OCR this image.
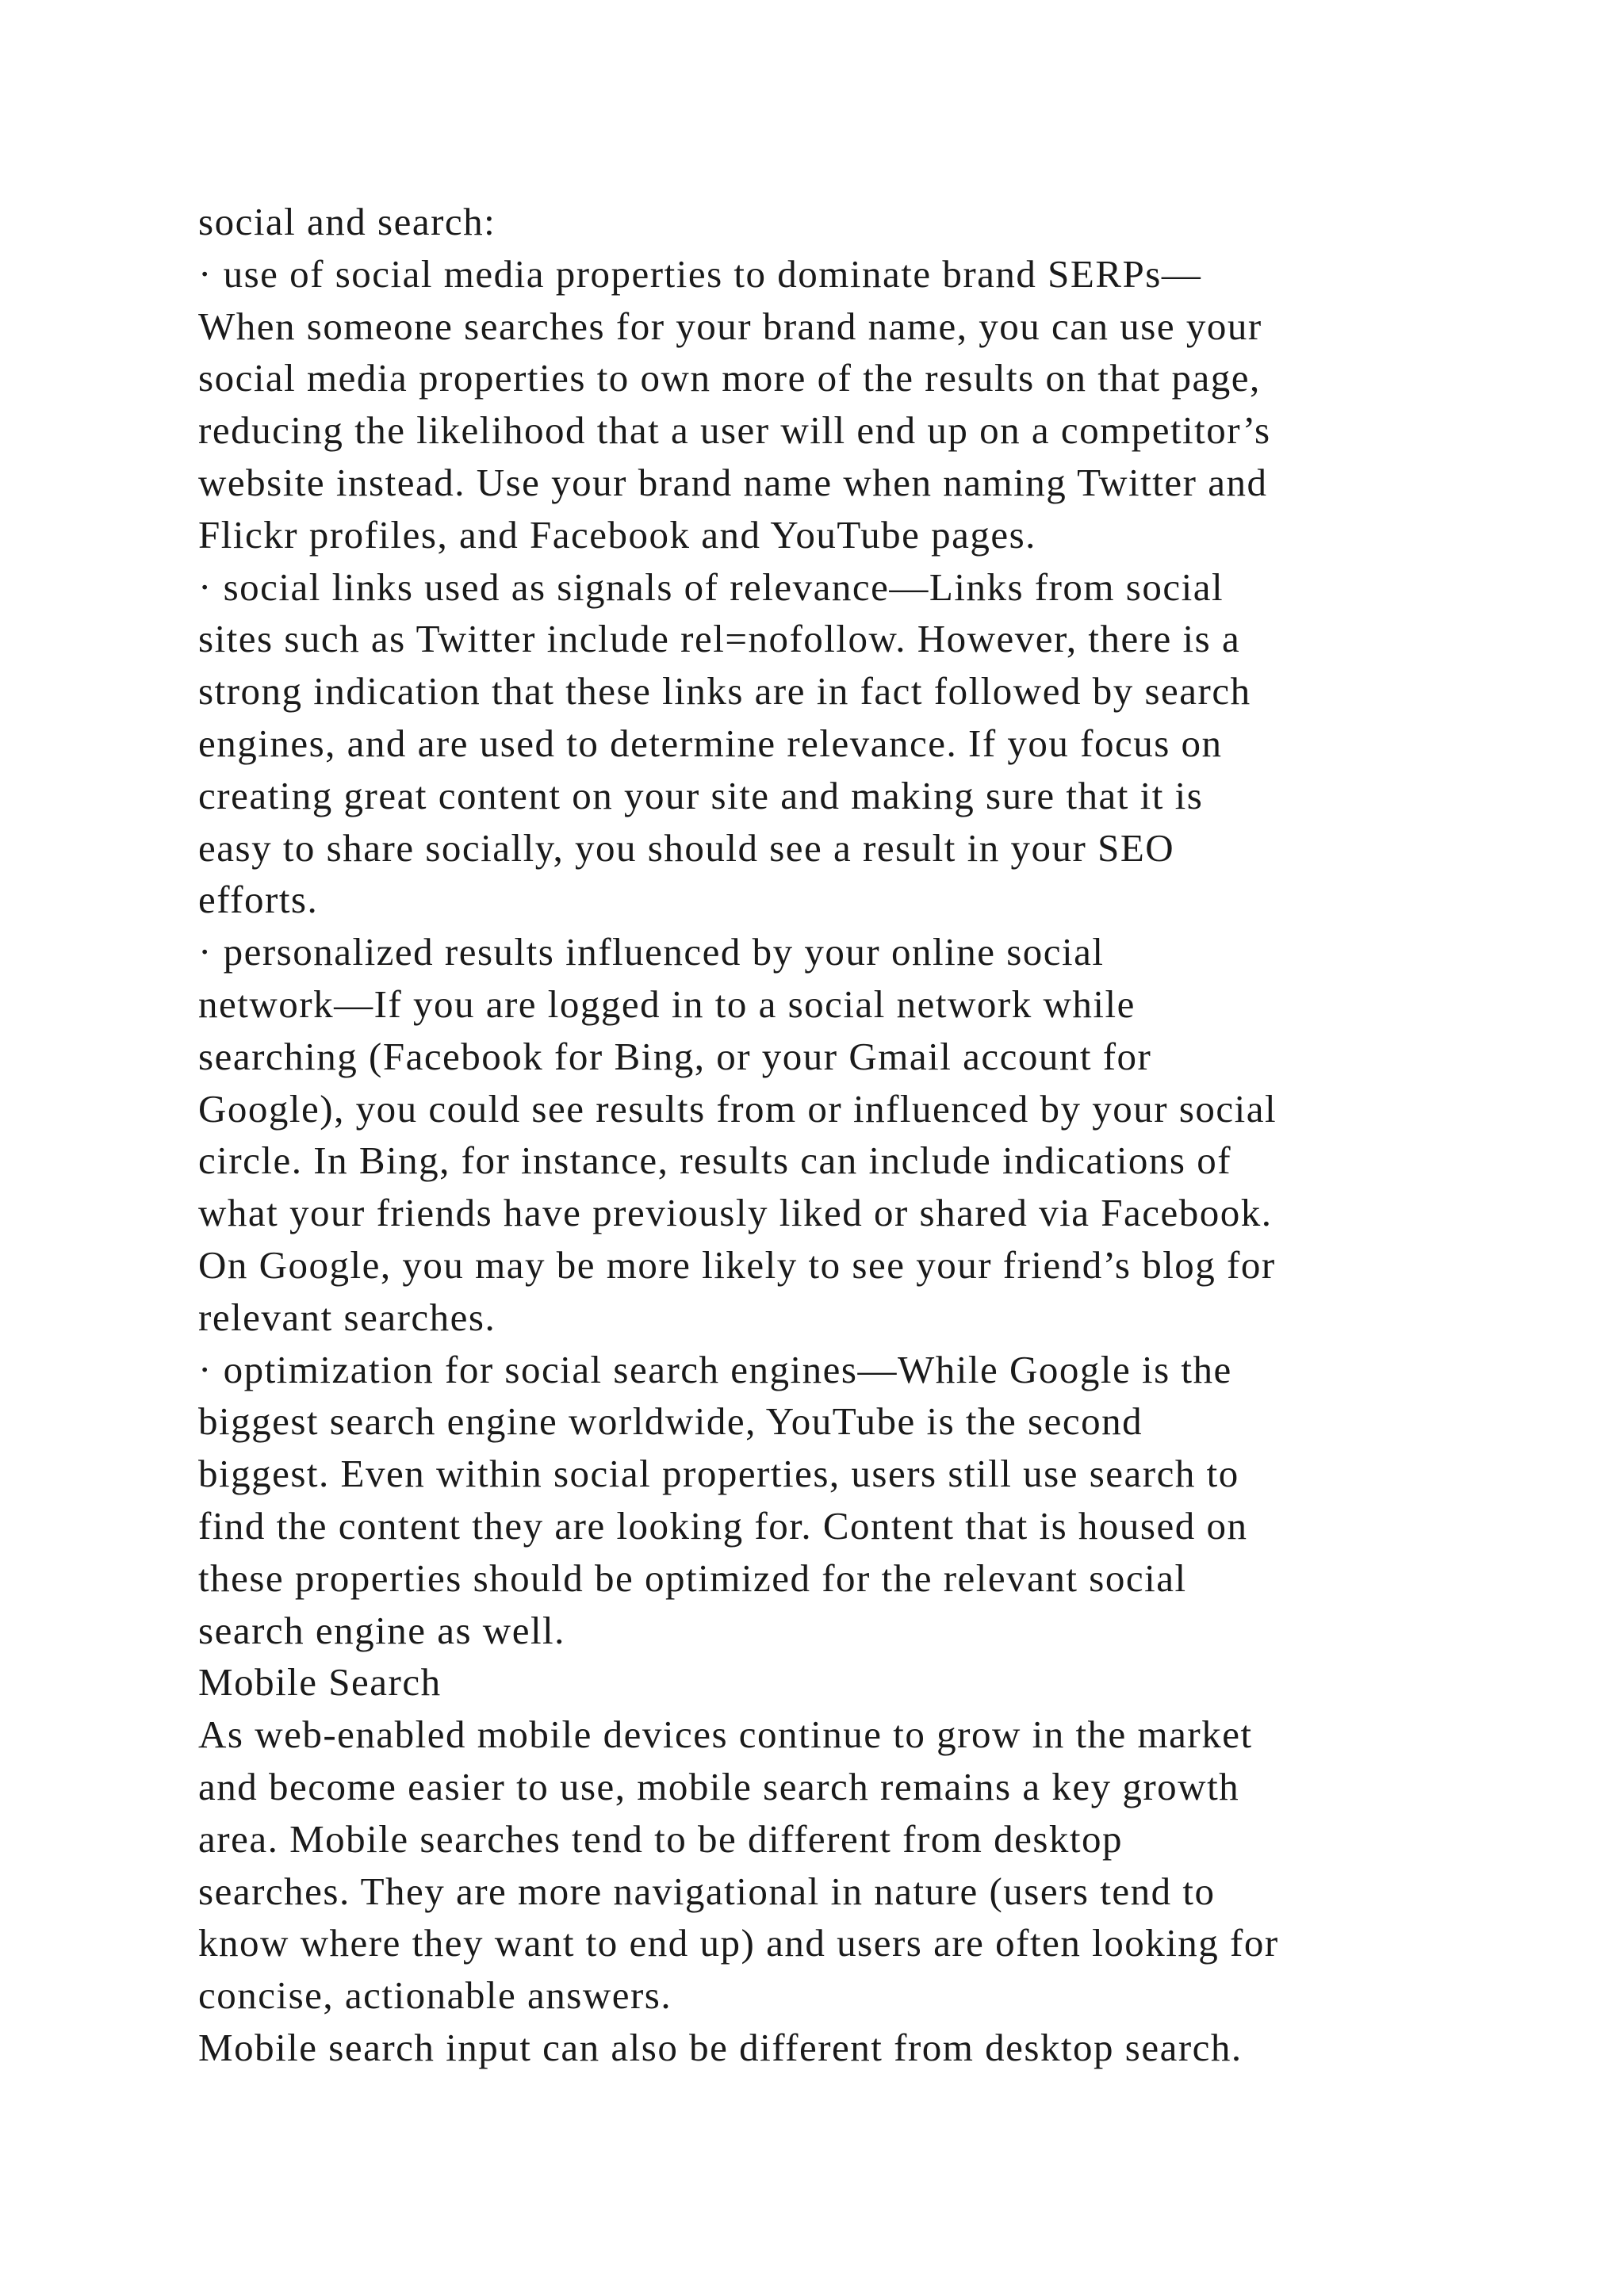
social and search:
· use of social media properties to dominate brand SERPs—
When someone searches for your brand name, you can use your
social media properties to own more of the results on that page,
reducing the likelihood that a user will end up on a competitor’s
website instead. Use your brand name when naming Twitter and
Flickr profiles, and Facebook and YouTube pages.
· social links used as signals of relevance—Links from social
sites such as Twitter include rel=nofollow. However, there is a
strong indication that these links are in fact followed by search
engines, and are used to determine relevance. If you focus on
creating great content on your site and making sure that it is
easy to share socially, you should see a result in your SEO
efforts.
· personalized results influenced by your online social
network—If you are logged in to a social network while
searching (Facebook for Bing, or your Gmail account for
Google), you could see results from or influenced by your social
circle. In Bing, for instance, results can include indications of
what your friends have previously liked or shared via Facebook.
On Google, you may be more likely to see your friend’s blog for
relevant searches.
· optimization for social search engines—While Google is the
biggest search engine worldwide, YouTube is the second
biggest. Even within social properties, users still use search to
find the content they are looking for. Content that is housed on
these properties should be optimized for the relevant social
search engine as well.
Mobile Search
As web-enabled mobile devices continue to grow in the market
and become easier to use, mobile search remains a key growth
area. Mobile searches tend to be different from desktop
searches. They are more navigational in nature (users tend to
know where they want to end up) and users are often looking for
concise, actionable answers.
Mobile search input can also be different from desktop search.
